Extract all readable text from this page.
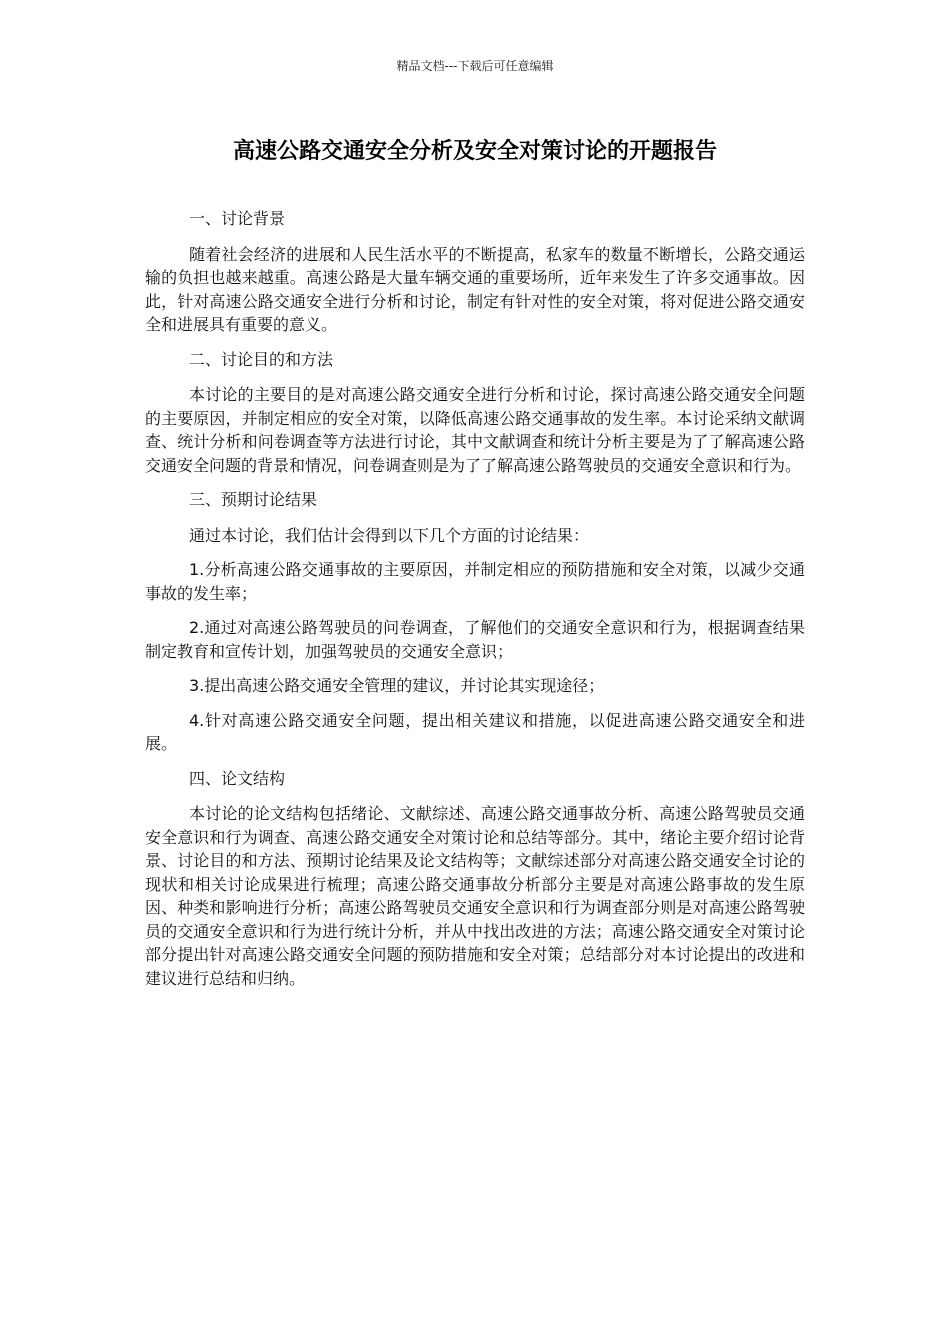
精品文档---下载后可任意编辑
高速公路交通安全分析及安全对策讨论的开题报告

一、讨论背景

随着社会经济的进展和人民生活水平的不断提高，私家车的数量不断增长，公路交通运输的负担也越来越重。高速公路是大量车辆交通的重要场所，近年来发生了许多交通事故。因此，针对高速公路交通安全进行分析和讨论，制定有针对性的安全对策，将对促进公路交通安全和进展具有重要的意义。

二、讨论目的和方法

本讨论的主要目的是对高速公路交通安全进行分析和讨论，探讨高速公路交通安全问题的主要原因，并制定相应的安全对策，以降低高速公路交通事故的发生率。本讨论采纳文献调查、统计分析和问卷调查等方法进行讨论，其中文献调查和统计分析主要是为了了解高速公路交通安全问题的背景和情况，问卷调查则是为了了解高速公路驾驶员的交通安全意识和行为。

三、预期讨论结果

通过本讨论，我们估计会得到以下几个方面的讨论结果：

1.分析高速公路交通事故的主要原因，并制定相应的预防措施和安全对策，以减少交通事故的发生率；

2.通过对高速公路驾驶员的问卷调查，了解他们的交通安全意识和行为，根据调查结果制定教育和宣传计划，加强驾驶员的交通安全意识；

3.提出高速公路交通安全管理的建议，并讨论其实现途径；

4.针对高速公路交通安全问题，提出相关建议和措施，以促进高速公路交通安全和进展。

四、论文结构

本讨论的论文结构包括绪论、文献综述、高速公路交通事故分析、高速公路驾驶员交通安全意识和行为调查、高速公路交通安全对策讨论和总结等部分。其中，绪论主要介绍讨论背景、讨论目的和方法、预期讨论结果及论文结构等；文献综述部分对高速公路交通安全讨论的现状和相关讨论成果进行梳理；高速公路交通事故分析部分主要是对高速公路事故的发生原因、种类和影响进行分析；高速公路驾驶员交通安全意识和行为调查部分则是对高速公路驾驶员的交通安全意识和行为进行统计分析，并从中找出改进的方法；高速公路交通安全对策讨论部分提出针对高速公路交通安全问题的预防措施和安全对策；总结部分对本讨论提出的改进和建议进行总结和归纳。
